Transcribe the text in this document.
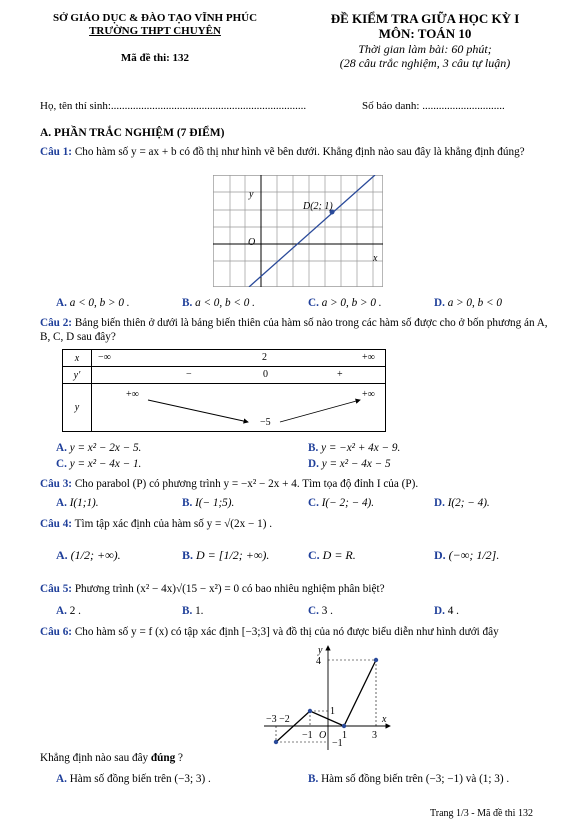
SỞ GIÁO DỤC & ĐÀO TẠO VĨNH PHÚC
TRƯỜNG THPT CHUYÊN
Mã đề thi: 132
ĐỀ KIỂM TRA GIỮA HỌC KỲ I
MÔN: TOÁN 10
Thời gian làm bài: 60 phút;
(28 câu trắc nghiệm, 3 câu tự luận)
Họ, tên thí sinh:.......................................................................	Số báo danh: ..............................
A. PHẦN TRẮC NGHIỆM (7 ĐIỂM)
Câu 1: Cho hàm số y = ax + b có đồ thị như hình vẽ bên dưới. Khẳng định nào sau đây là khẳng định đúng?
y
x
O
D(2; 1)
A. a < 0, b > 0 .	B. a < 0, b < 0 .	C. a > 0, b > 0 .	D. a > 0, b < 0
Câu 2: Bảng biến thiên ở dưới là bảng biến thiên của hàm số nào trong các hàm số được cho ở bốn phương án A, B, C, D sau đây?
x	−∞ 2 +∞

y′	− 0 +

y	+∞ +∞
−5
A. y = x² − 2x − 5.	B. y = −x² + 4x − 9.
C. y = x² − 4x − 1.	D. y = x² − 4x − 5
Câu 3: Cho parabol (P) có phương trình y = −x² − 2x + 4. Tìm tọa độ đỉnh I của (P).
A. I(1;1).	B. I(− 1;5).	C. I(− 2; − 4).	D. I(2; − 4).
Câu 4: Tìm tập xác định của hàm số y = √(2x − 1) .
A. (1/2; +∞).	B. D = [1/2; +∞).	C. D = R.	D. (−∞; 1/2].
Câu 5: Phương trình (x² − 4x)√(15 − x²) = 0 có bao nhiêu nghiệm phân biệt?
A. 2 .	B. 1.	C. 3 .	D. 4 .
Câu 6: Cho hàm số y = f (x) có tập xác định [−3;3] và đồ thị của nó được biểu diễn như hình dưới đây
y
x
4
1
−3 −2
−1 O 1	3
−1
Khẳng định nào sau đây đúng ?
A. Hàm số đồng biến trên (−3; 3) .	B. Hàm số đồng biến trên (−3; −1) và (1; 3) .
Trang 1/3 - Mã đề thi 132
